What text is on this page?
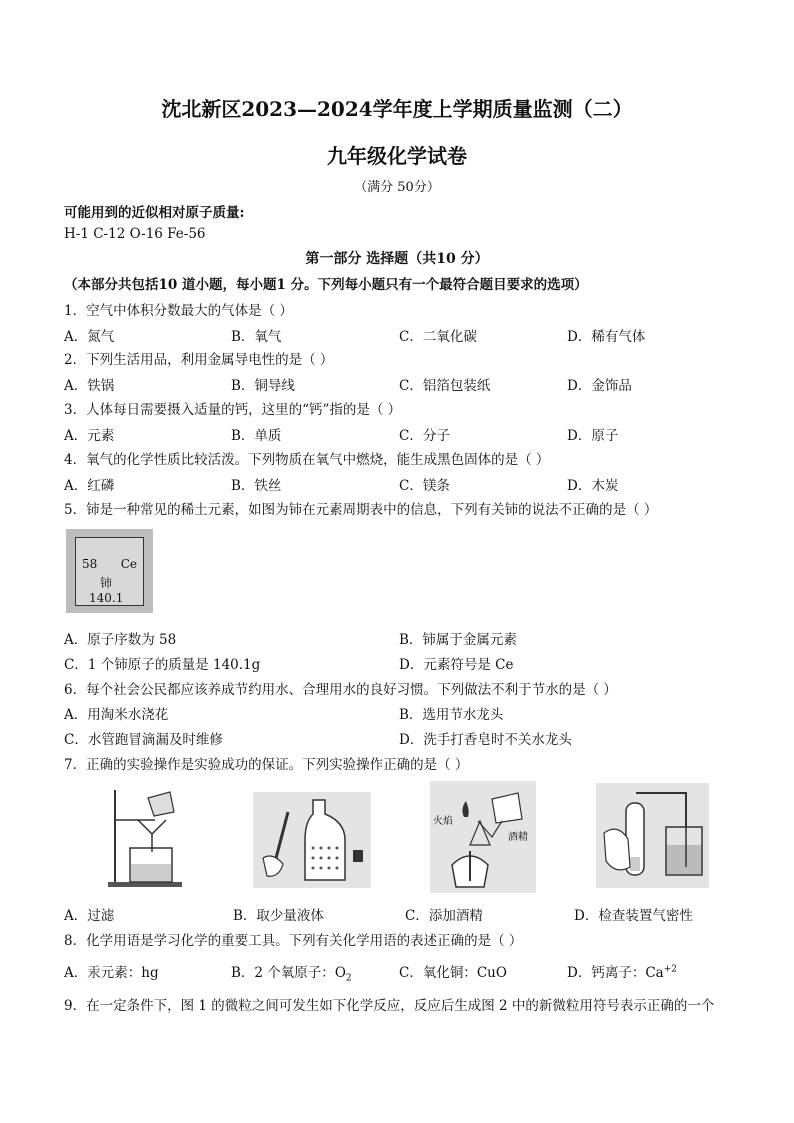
沈北新区2023—2024学年度上学期质量监测（二）
九年级化学试卷
（满分 50分）
可能用到的近似相对原子质量:
H-1 C-12 O-16 Fe-56
第一部分 选择题（共10 分）
（本部分共包括10 道小题，每小题1 分。下列每小题只有一个最符合题目要求的选项）
1．空气中体积分数最大的气体是（ ）
A．氮气	B．氧气	C．二氧化碳	D．稀有气体
2．下列生活用品，利用金属导电性的是（ ）
A．铁锅	B．铜导线	C．铝箔包装纸	D．金饰品
3．人体每日需要摄入适量的钙，这里的“钙”指的是（ ）
A．元素	B．单质	C．分子	D．原子
4．氧气的化学性质比较活泼。下列物质在氧气中燃烧，能生成黑色固体的是（ ）
A．红磷	B．铁丝	C．镁条	D．木炭
5．铈是一种常见的稀土元素，如图为铈在元素周期表中的信息，下列有关铈的说法不正确的是（ ）
58 Ce
铈
140.1
A．原子序数为 58	B．铈属于金属元素
C．1 个铈原子的质量是 140.1g	D．元素符号是 Ce
6．每个社会公民都应该养成节约用水、合理用水的良好习惯。下列做法不利于节水的是（ ）
A．用淘米水浇花	B．选用节水龙头
C．水管跑冒滴漏及时维修	D．洗手打香皂时不关水龙头
7．正确的实验操作是实验成功的保证。下列实验操作正确的是（ ）
火焰
酒精
A．过滤	B．取少量液体	C．添加酒精	D．检查装置气密性
8．化学用语是学习化学的重要工具。下列有关化学用语的表述正确的是（ ）
A．汞元素：hg	B．2 个氧原子：$O_2$	C．氧化铜：CuO	D．钙离子：$Ca^{+2}$
9．在一定条件下，图 1 的微粒之间可发生如下化学反应，反应后生成图 2 中的新微粒用符号表示正确的一个
